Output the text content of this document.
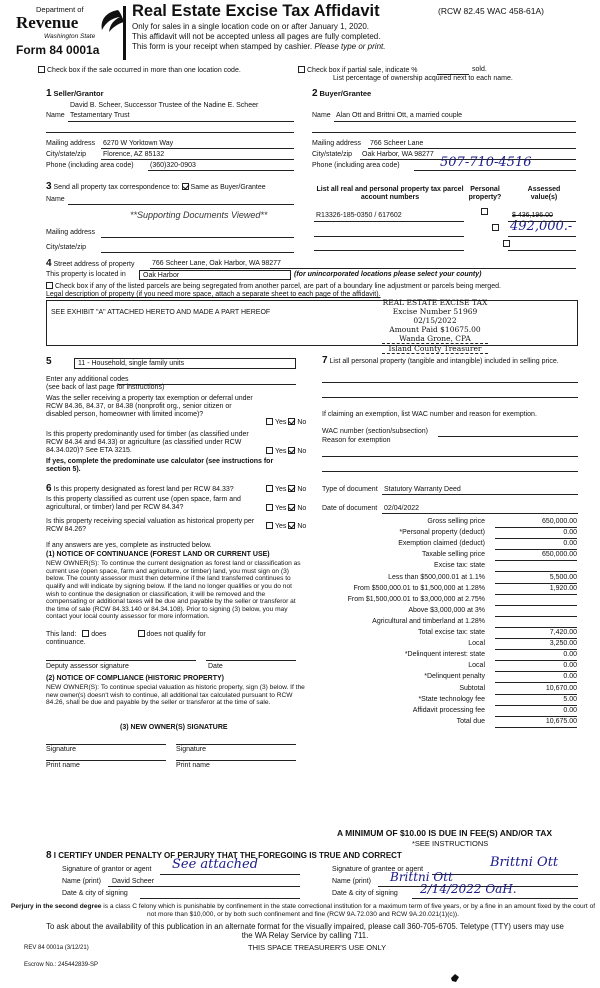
Department of
Revenue
Washington State
Form 84 0001a
Real Estate Excise Tax Affidavit	(RCW 82.45 WAC 458-61A)
Only for sales in a single location code on or after January 1, 2020.
This affidavit will not be accepted unless all pages are fully completed.
This form is your receipt when stamped by cashier. Please type or print.
Check box if the sale occurred in more than one location code.	Check box if partial sale, indicate %	sold.
List percentage of ownership acquired next to each name.
1 Seller/Grantor
David B. Scheer, Successor Trustee of the Nadine E. Scheer
Name Testamentary Trust
Mailing address 6270 W Yorktown Way
City/state/zip Florence, AZ 85132
Phone (including area code) (360)320-0903
2 Buyer/Grantee
Name Alan Ott and Brittni Ott, a married couple
Mailing address 766 Scheer Lane
City/state/zip Oak Harbor, WA 98277
Phone (including area code)	507-710-4516
3 Send all property tax correspondence to: Same as Buyer/Grantee
Name
**Supporting Documents Viewed**
Mailing address
City/state/zip
List all real and personal property tax parcel account numbers
Personal property?
Assessed value(s)
R13326-185-0350 / 617602
	$ 436,196.00
492,000.-
4 Street address of property	766 Scheer Lane, Oak Harbor, WA 98277
This property is located in Oak Harbor	(for unincorporated locations please select your county)
Check box if any of the listed parcels are being segregated from another parcel, are part of a boundary line adjustment or parcels being merged.
Legal description of property (if you need more space, attach a separate sheet to each page of the affidavit).
SEE EXHIBIT "A" ATTACHED HERETO AND MADE A PART HEREOF
REAL ESTATE EXCISE TAX
Excise Number 51969
02/15/2022
Amount Paid $10675.00
Wanda Grone, CPA
Island County Treasurer
5	11 - Household, single family units
Enter any additional codes
(see back of last page for instructions)
Was the seller receiving a property tax exemption or deferral under RCW 84.36, 84.37, or 84.38 (nonprofit org., senior citizen or disabled person, homeowner with limited income)?
Yes No
Is this property predominantly used for timber (as classified under RCW 84.34 and 84.33) or agriculture (as classified under RCW 84.34.020)? See ETA 3215.	Yes No
If yes, complete the predominate use calculator (see instructions for section 5).
6 Is this property designated as forest land per RCW 84.33?	Yes No
Is this property classified as current use (open space, farm and agricultural, or timber) land per RCW 84.34?	Yes No
Is this property receiving special valuation as historical property per RCW 84.26?	Yes No
If any answers are yes, complete as instructed below.
(1) NOTICE OF CONTINUANCE (FOREST LAND OR CURRENT USE)
NEW OWNER(S): To continue the current designation as forest land or classification as current use (open space, farm and agriculture, or timber) land, you must sign on (3) below. The county assessor must then determine if the land transferred continues to qualify and will indicate by signing below. If the land no longer qualifies or you do not wish to continue the designation or classification, it will be removed and the compensating or additional taxes will be due and payable by the seller or transferor at the time of sale (RCW 84.33.140 or 84.34.108). Prior to signing (3) below, you may contact your local county assessor for more information.
This land: does	does not qualify for
continuance.
Deputy assessor signature	Date
(2) NOTICE OF COMPLIANCE (HISTORIC PROPERTY)
NEW OWNER(S): To continue special valuation as historic property, sign (3) below. If the new owner(s) doesn't wish to continue, all additional tax calculated pursuant to RCW 84.26, shall be due and payable by the seller or transferor at the time of sale.
(3) NEW OWNER(S) SIGNATURE
Signature	Signature
Print name	Print name
7 List all personal property (tangible and intangible) included in selling price.
If claiming an exemption, list WAC number and reason for exemption.
WAC number (section/subsection)
Reason for exemption
Type of document Statutory Warranty Deed
Date of document 02/04/2022
Gross selling price	650,000.00
*Personal property (deduct)	0.00
Exemption claimed (deduct)	0.00
Taxable selling price	650,000.00
Excise tax: state
Less than $500,000.01 at 1.1%	5,500.00
From $500,000.01 to $1,500,000 at 1.28%	1,920.00
From $1,500,000.01 to $3,000,000 at 2.75%
Above $3,000,000 at 3%
Agricultural and timberland at 1.28%
Total excise tax: state	7,420.00
Local	3,250.00
*Delinquent interest: state	0.00
Local	0.00
*Delinquent penalty	0.00
Subtotal	10,670.00
*State technology fee	5.00
Affidavit processing fee	0.00
Total due	10,675.00
A MINIMUM OF $10.00 IS DUE IN FEE(S) AND/OR TAX
*SEE INSTRUCTIONS
8 I CERTIFY UNDER PENALTY OF PERJURY THAT THE FOREGOING IS TRUE AND CORRECT
Signature of grantor or agent See attached
Name (print) David Scheer
Date & city of signing
Signature of grantee or agent	Brittni Ott
Name (print) Brittni Ott
Date & city of signing 2/14/2022 OaH.
Perjury in the second degree is a class C felony which is punishable by confinement in the state correctional institution for a maximum term of five years, or by a fine in an amount fixed by the court of not more than $10,000, or by both such confinement and fine (RCW 9A.72.030 and RCW 9A.20.021(1)(c)).
To ask about the availability of this publication in an alternate format for the visually impaired, please call 360-705-6705. Teletype (TTY) users may use the WA Relay Service by calling 711.
REV 84 0001a (3/12/21)	THIS SPACE TREASURER'S USE ONLY
Escrow No.: 245442839-SP
